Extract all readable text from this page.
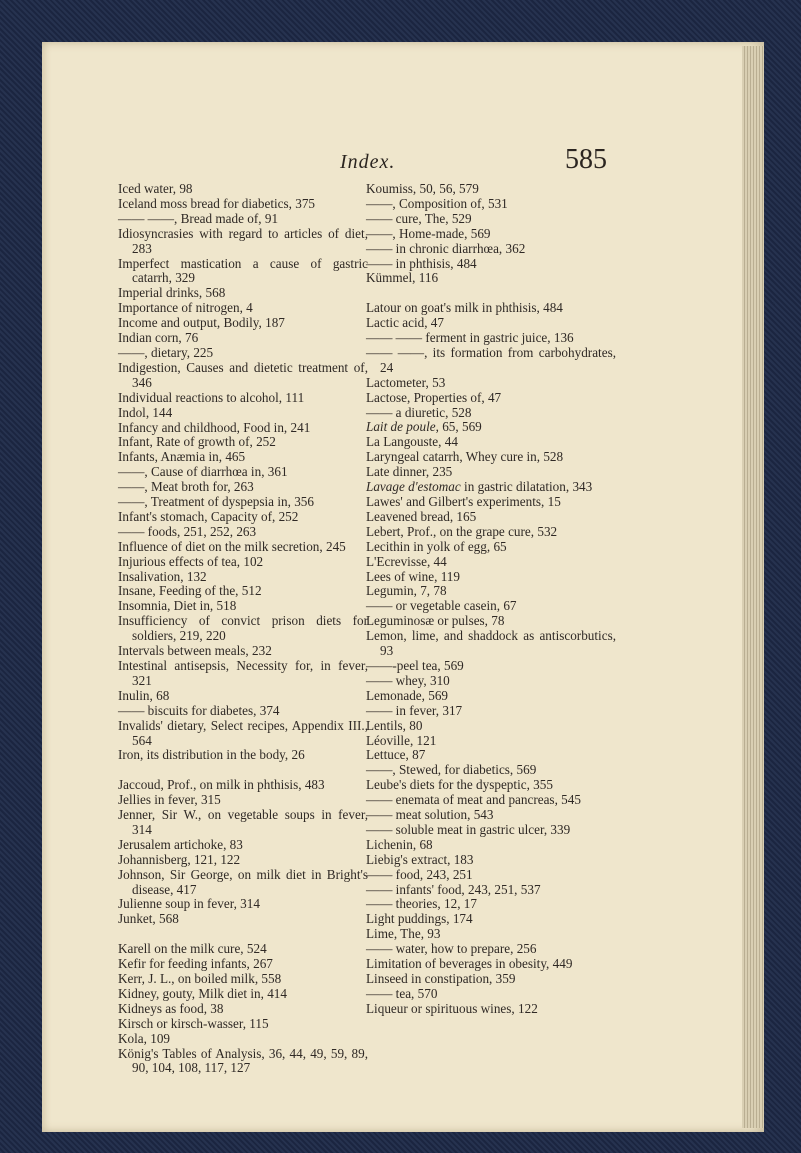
Index.	585
Iced water, 98
Iceland moss bread for diabetics, 375
—— ——, Bread made of, 91
Idiosyncrasies with regard to articles of diet, 283
Imperfect mastication a cause of gastric catarrh, 329
Imperial drinks, 568
Importance of nitrogen, 4
Income and output, Bodily, 187
Indian corn, 76
——, dietary, 225
Indigestion, Causes and dietetic treatment of, 346
Individual reactions to alcohol, 111
Indol, 144
Infancy and childhood, Food in, 241
Infant, Rate of growth of, 252
Infants, Anæmia in, 465
——, Cause of diarrhœa in, 361
——, Meat broth for, 263
——, Treatment of dyspepsia in, 356
Infant's stomach, Capacity of, 252
—— foods, 251, 252, 263
Influence of diet on the milk secretion, 245
Injurious effects of tea, 102
Insalivation, 132
Insane, Feeding of the, 512
Insomnia, Diet in, 518
Insufficiency of convict prison diets for soldiers, 219, 220
Intervals between meals, 232
Intestinal antisepsis, Necessity for, in fever, 321
Inulin, 68
—— biscuits for diabetes, 374
Invalids' dietary, Select recipes, Appendix III., 564
Iron, its distribution in the body, 26
Jaccoud, Prof., on milk in phthisis, 483
Jellies in fever, 315
Jenner, Sir W., on vegetable soups in fever, 314
Jerusalem artichoke, 83
Johannisberg, 121, 122
Johnson, Sir George, on milk diet in Bright's disease, 417
Julienne soup in fever, 314
Junket, 568
Karell on the milk cure, 524
Kefir for feeding infants, 267
Kerr, J. L., on boiled milk, 558
Kidney, gouty, Milk diet in, 414
Kidneys as food, 38
Kirsch or kirsch-wasser, 115
Kola, 109
König's Tables of Analysis, 36, 44, 49, 59, 89, 90, 104, 108, 117, 127
Koumiss, 50, 56, 579
——, Composition of, 531
—— cure, The, 529
——, Home-made, 569
—— in chronic diarrhœa, 362
—— in phthisis, 484
Kümmel, 116
Latour on goat's milk in phthisis, 484
Lactic acid, 47
—— —— ferment in gastric juice, 136
—— ——, its formation from carbohydrates, 24
Lactometer, 53
Lactose, Properties of, 47
—— a diuretic, 528
Lait de poule, 65, 569
La Langouste, 44
Laryngeal catarrh, Whey cure in, 528
Late dinner, 235
Lavage d'estomac in gastric dilatation, 343
Lawes' and Gilbert's experiments, 15
Leavened bread, 165
Lebert, Prof., on the grape cure, 532
Lecithin in yolk of egg, 65
L'Ecrevisse, 44
Lees of wine, 119
Legumin, 7, 78
—— or vegetable casein, 67
Leguminosæ or pulses, 78
Lemon, lime, and shaddock as antiscorbutics, 93
——-peel tea, 569
—— whey, 310
Lemonade, 569
—— in fever, 317
Lentils, 80
Léoville, 121
Lettuce, 87
——, Stewed, for diabetics, 569
Leube's diets for the dyspeptic, 355
—— enemata of meat and pancreas, 545
—— meat solution, 543
—— soluble meat in gastric ulcer, 339
Lichenin, 68
Liebig's extract, 183
—— food, 243, 251
—— infants' food, 243, 251, 537
—— theories, 12, 17
Light puddings, 174
Lime, The, 93
—— water, how to prepare, 256
Limitation of beverages in obesity, 449
Linseed in constipation, 359
—— tea, 570
Liqueur or spirituous wines, 122
